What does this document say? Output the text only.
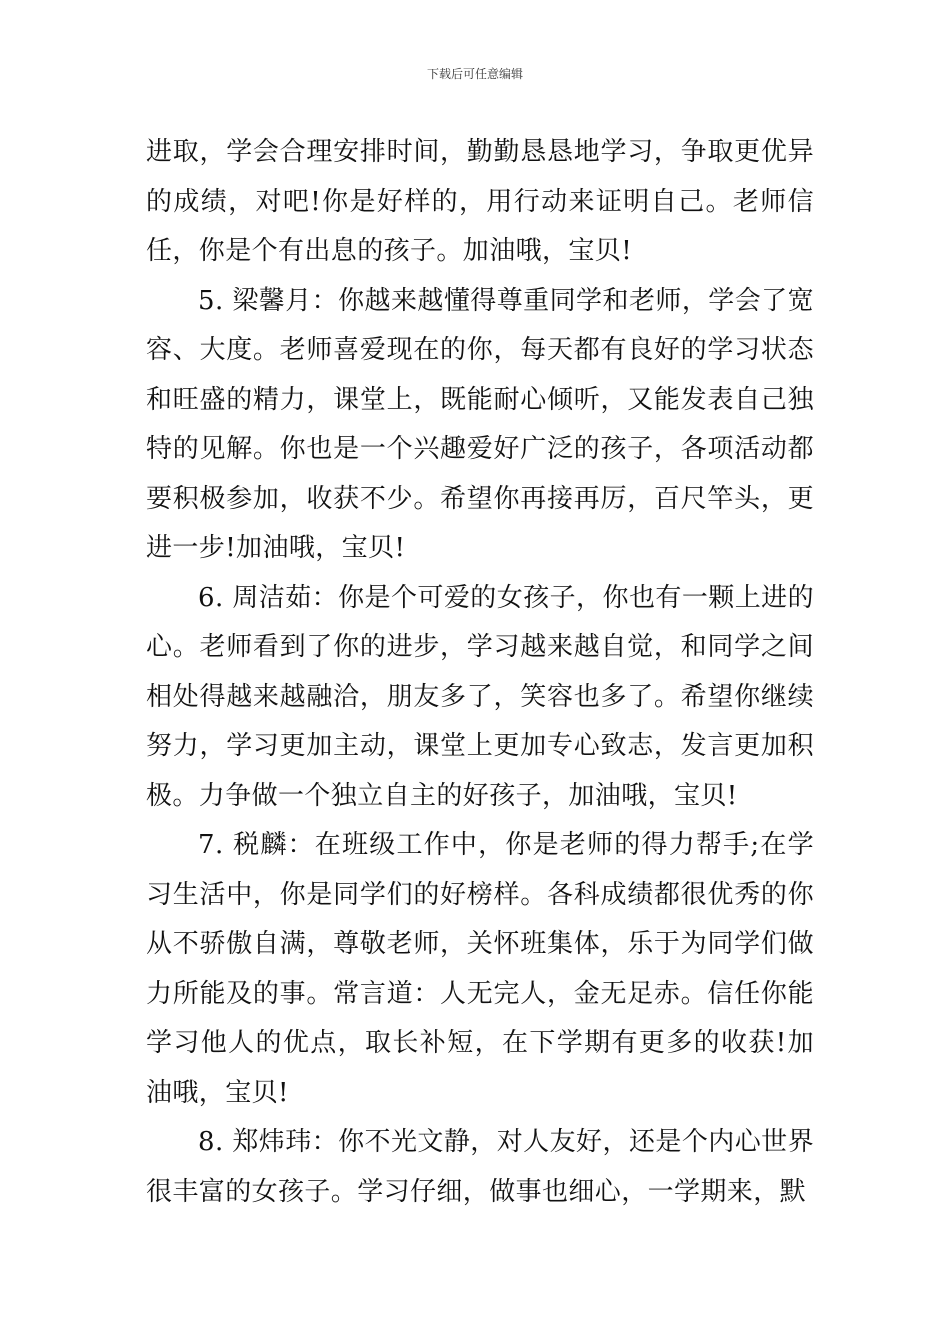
下载后可任意编辑

进取，学会合理安排时间，勤勤恳恳地学习，争取更优异的成绩，对吧!你是好样的，用行动来证明自己。老师信任，你是个有出息的孩子。加油哦，宝贝!

5. 梁馨月：你越来越懂得尊重同学和老师，学会了宽容、大度。老师喜爱现在的你，每天都有良好的学习状态和旺盛的精力，课堂上，既能耐心倾听，又能发表自己独特的见解。你也是一个兴趣爱好广泛的孩子，各项活动都要积极参加，收获不少。希望你再接再厉，百尺竿头，更进一步!加油哦，宝贝!

6. 周洁茹：你是个可爱的女孩子，你也有一颗上进的心。老师看到了你的进步，学习越来越自觉，和同学之间相处得越来越融洽，朋友多了，笑容也多了。希望你继续努力，学习更加主动，课堂上更加专心致志，发言更加积极。力争做一个独立自主的好孩子，加油哦，宝贝!

7. 税麟：在班级工作中，你是老师的得力帮手;在学习生活中，你是同学们的好榜样。各科成绩都很优秀的你从不骄傲自满，尊敬老师，关怀班集体，乐于为同学们做力所能及的事。常言道：人无完人，金无足赤。信任你能学习他人的优点，取长补短，在下学期有更多的收获!加油哦，宝贝!

8. 郑炜玮：你不光文静，对人友好，还是个内心世界很丰富的女孩子。学习仔细，做事也细心，一学期来，默
